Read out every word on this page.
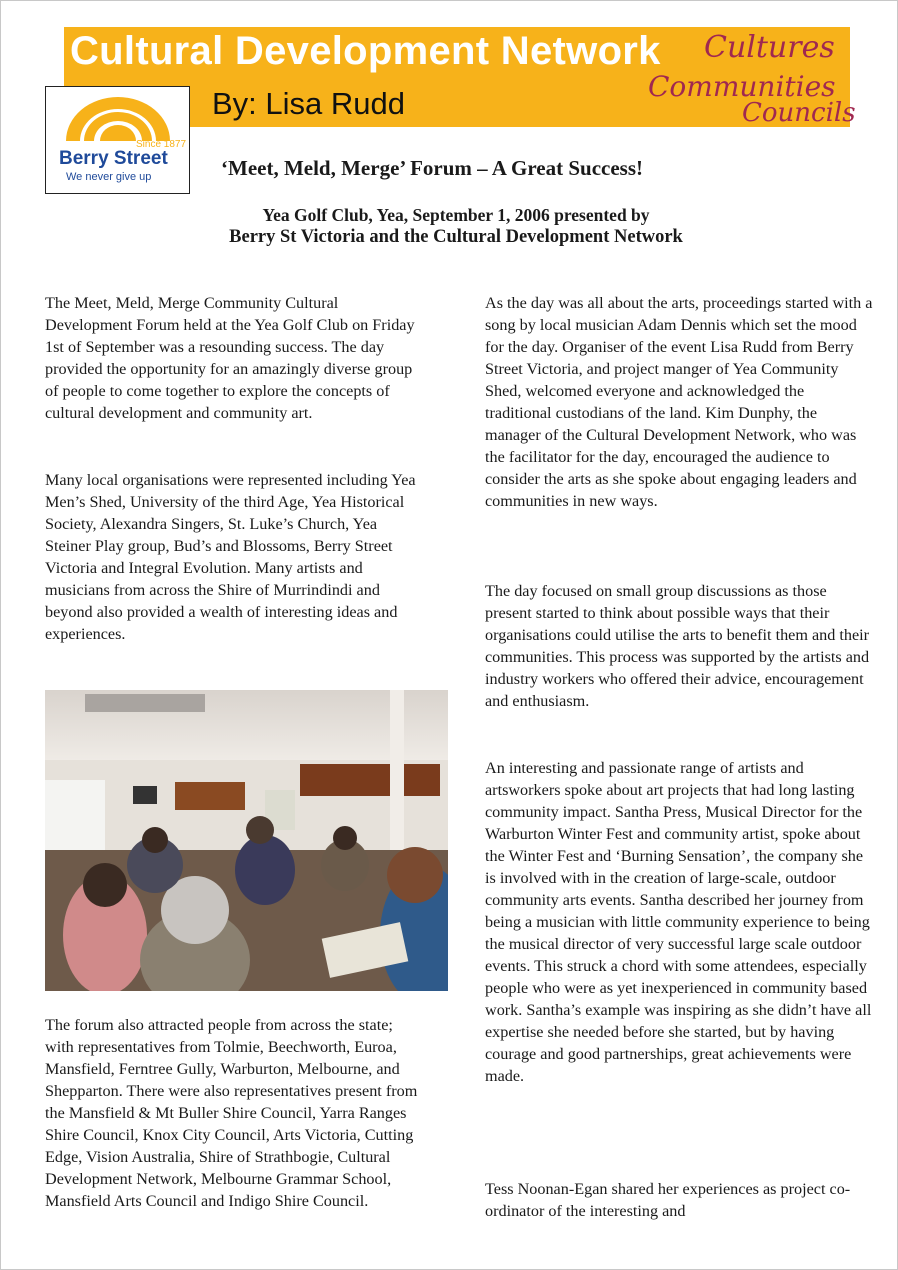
Cultural Development Network
By: Lisa Rudd
Cultures
Communities
Councils
Since 1877
Berry Street
We never give up	‘Meet, Meld, Merge’ Forum – A Great Success!
Yea Golf Club, Yea, September 1, 2006 presented by
Berry St Victoria and the Cultural Development Network

The Meet, Meld, Merge Community Cultural Development Forum held at the Yea Golf Club on Friday 1st of September was a resounding success. The day provided the opportunity for an amazingly diverse group of people to come together to explore the concepts of cultural development and community art.

Many local organisations were represented including Yea Men’s Shed, University of the third Age, Yea Historical Society, Alexandra Singers, St. Luke’s Church, Yea Steiner Play group, Bud’s and Blossoms, Berry Street Victoria and Integral Evolution. Many artists and musicians from across the Shire of Murrindindi and beyond also provided a wealth of interesting ideas and experiences.

The forum also attracted people from across the state; with representatives from Tolmie, Beechworth, Euroa, Mansfield, Ferntree Gully, Warburton, Melbourne, and Shepparton. There were also representatives present from the Mansfield & Mt Buller Shire Council, Yarra Ranges Shire Council, Knox City Council, Arts Victoria, Cutting Edge, Vision Australia, Shire of Strathbogie, Cultural Development Network, Melbourne Grammar School, Mansfield Arts Council and Indigo Shire Council.

As the day was all about the arts, proceedings started with a song by local musician Adam Dennis which set the mood for the day. Organiser of the event Lisa Rudd from Berry Street Victoria, and project manger of Yea Community Shed, welcomed everyone and acknowledged the traditional custodians of the land. Kim Dunphy, the manager of the Cultural Development Network, who was the facilitator for the day, encouraged the audience to consider the arts as she spoke about engaging leaders and communities in new ways.

The day focused on small group discussions as those present started to think about possible ways that their organisations could utilise the arts to benefit them and their communities. This process was supported by the artists and industry workers who offered their advice, encouragement and enthusiasm.

An interesting and passionate range of artists and artsworkers spoke about art projects that had long lasting community impact. Santha Press, Musical Director for the Warburton Winter Fest and community artist, spoke about the Winter Fest and ‘Burning Sensation’, the company she is involved with in the creation of large-scale, outdoor community arts events. Santha described her journey from being a musician with little community experience to being the musical director of very successful large scale outdoor events. This struck a chord with some attendees, especially people who were as yet inexperienced in community based work. Santha’s example was inspiring as she didn’t have all expertise she needed before she started, but by having courage and good partnerships, great achievements were made.

Tess Noonan-Egan shared her experiences as project co-ordinator of the interesting and
